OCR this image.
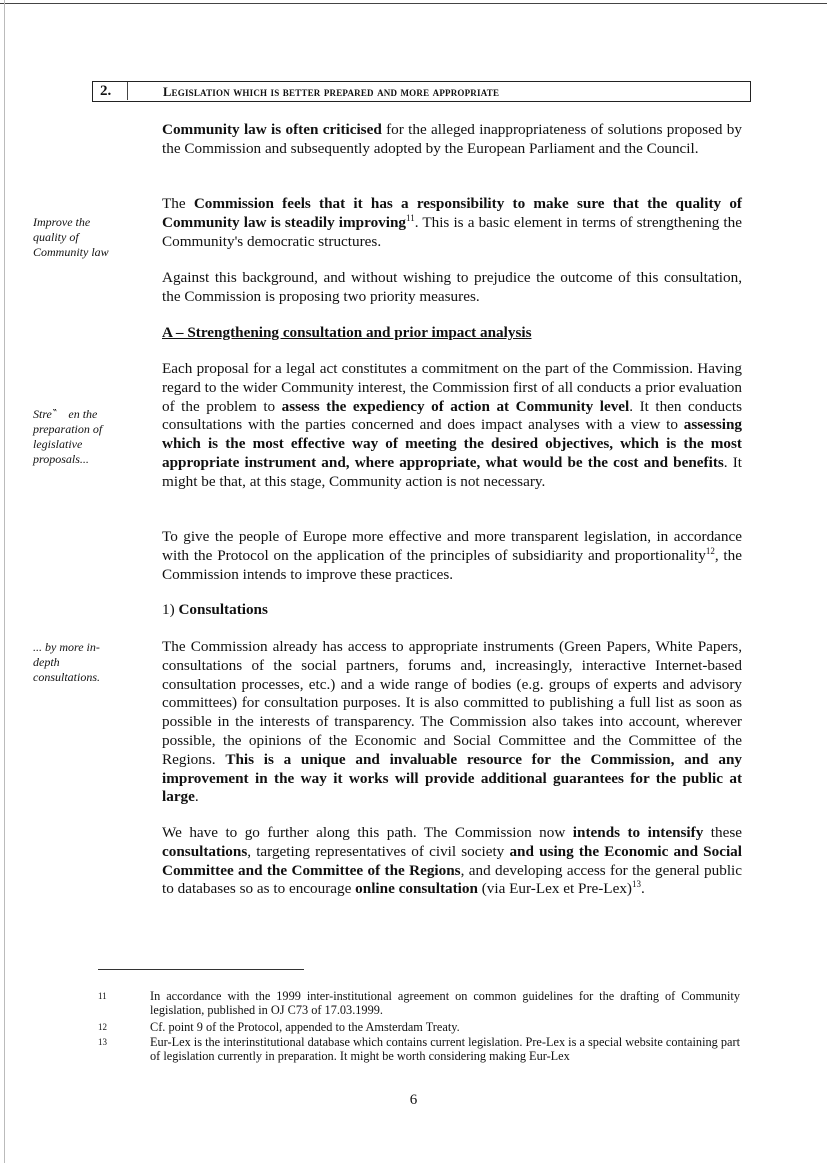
2.	Legislation which is better prepared and more appropriate
Improve the
quality of
Community law
Stre‶ en the
preparation of
legislative
proposals...
... by more in-
depth
consultations.

Community law is often criticised for the alleged inappropriateness of solutions proposed by the Commission and subsequently adopted by the European Parliament and the Council.

The Commission feels that it has a responsibility to make sure that the quality of Community law is steadily improving$^{11}$. This is a basic element in terms of strengthening the Community's democratic structures.

Against this background, and without wishing to prejudice the outcome of this consultation, the Commission is proposing two priority measures.

A – Strengthening consultation and prior impact analysis

Each proposal for a legal act constitutes a commitment on the part of the Commission. Having regard to the wider Community interest, the Commission first of all conducts a prior evaluation of the problem to assess the expediency of action at Community level. It then conducts consultations with the parties concerned and does impact analyses with a view to assessing which is the most effective way of meeting the desired objectives, which is the most appropriate instrument and, where appropriate, what would be the cost and benefits. It might be that, at this stage, Community action is not necessary.

To give the people of Europe more effective and more transparent legislation, in accordance with the Protocol on the application of the principles of subsidiarity and proportionality$^{12}$, the Commission intends to improve these practices.

1) Consultations

The Commission already has access to appropriate instruments (Green Papers, White Papers, consultations of the social partners, forums and, increasingly, interactive Internet-based consultation processes, etc.) and a wide range of bodies (e.g. groups of experts and advisory committees) for consultation purposes. It is also committed to publishing a full list as soon as possible in the interests of transparency. The Commission also takes into account, wherever possible, the opinions of the Economic and Social Committee and the Committee of the Regions. This is a unique and invaluable resource for the Commission, and any improvement in the way it works will provide additional guarantees for the public at large.

We have to go further along this path. The Commission now intends to intensify these consultations, targeting representatives of civil society and using the Economic and Social Committee and the Committee of the Regions, and developing access for the general public to databases so as to encourage online consultation (via Eur-Lex et Pre-Lex)$^{13}$.

11	In accordance with the 1999 inter-institutional agreement on common guidelines for the drafting of Community legislation, published in OJ C73 of 17.03.1999.
12	Cf. point 9 of the Protocol, appended to the Amsterdam Treaty.
13	Eur-Lex is the interinstitutional database which contains current legislation. Pre-Lex is a special website containing part of legislation currently in preparation. It might be worth considering making Eur-Lex
6
